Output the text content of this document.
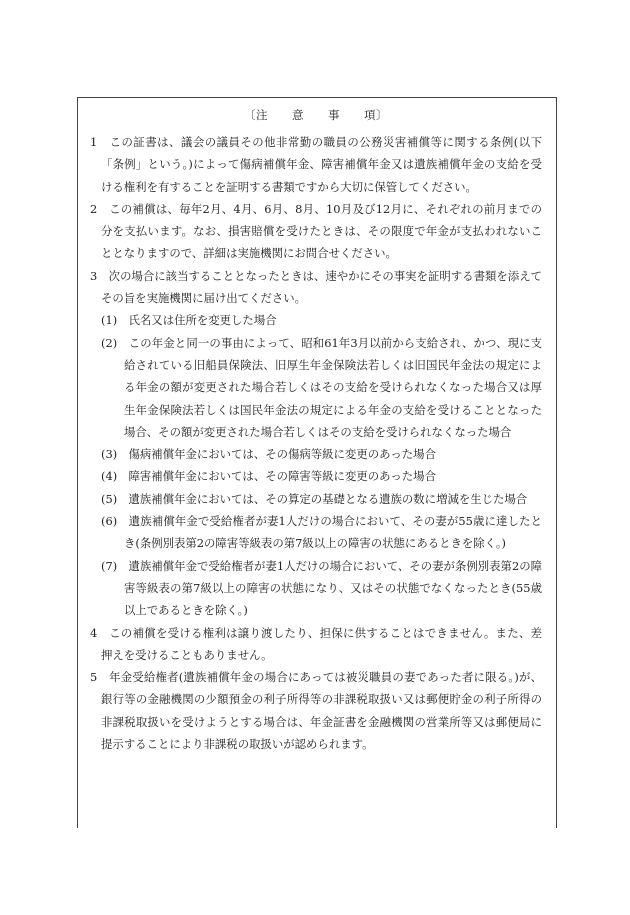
〔注　　意　　事　　項〕

1　この証書は、議会の議員その他非常勤の職員の公務災害補償等に関する条例(以下「条例」という。)によって傷病補償年金、障害補償年金又は遺族補償年金の支給を受ける権利を有することを証明する書類ですから大切に保管してください。

2　この補償は、毎年2月、4月、6月、8月、10月及び12月に、それぞれの前月までの分を支払います。なお、損害賠償を受けたときは、その限度で年金が支払われないこととなりますので、詳細は実施機関にお問合せください。

3　次の場合に該当することとなったときは、速やかにその事実を証明する書類を添えてその旨を実施機関に届け出てください。

(1)　氏名又は住所を変更した場合

(2)　この年金と同一の事由によって、昭和61年3月以前から支給され、かつ、現に支給されている旧船員保険法、旧厚生年金保険法若しくは旧国民年金法の規定による年金の額が変更された場合若しくはその支給を受けられなくなった場合又は厚生年金保険法若しくは国民年金法の規定による年金の支給を受けることとなった場合、その額が変更された場合若しくはその支給を受けられなくなった場合

(3)　傷病補償年金においては、その傷病等級に変更のあった場合

(4)　障害補償年金においては、その障害等級に変更のあった場合

(5)　遺族補償年金においては、その算定の基礎となる遺族の数に増減を生じた場合

(6)　遺族補償年金で受給権者が妻1人だけの場合において、その妻が55歳に達したとき(条例別表第2の障害等級表の第7級以上の障害の状態にあるときを除く。)

(7)　遺族補償年金で受給権者が妻1人だけの場合において、その妻が条例別表第2の障害等級表の第7級以上の障害の状態になり、又はその状態でなくなったとき(55歳以上であるときを除く。)

4　この補償を受ける権利は譲り渡したり、担保に供することはできません。また、差押えを受けることもありません。

5　年金受給権者(遺族補償年金の場合にあっては被災職員の妻であった者に限る。)が、銀行等の金融機関の少額預金の利子所得等の非課税取扱い又は郵便貯金の利子所得の非課税取扱いを受けようとする場合は、年金証書を金融機関の営業所等又は郵便局に提示することにより非課税の取扱いが認められます。
